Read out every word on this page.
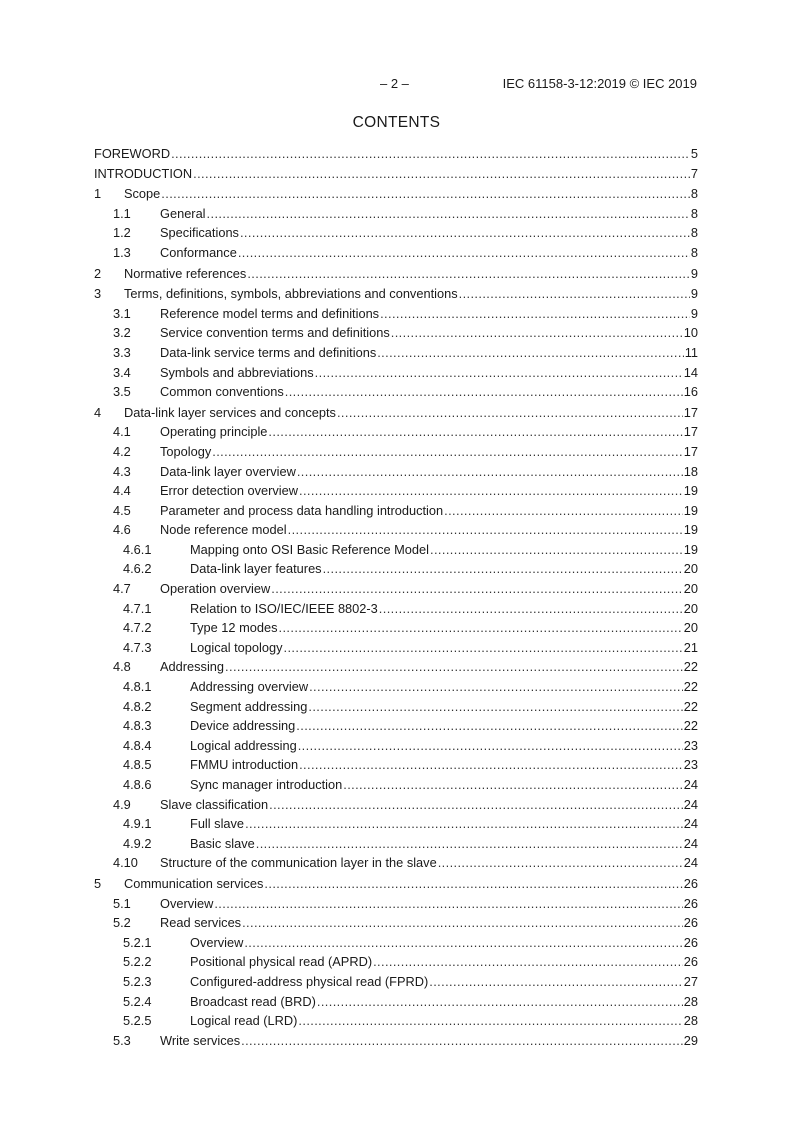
– 2 –	IEC 61158-3-12:2019 © IEC 2019
CONTENTS
FOREWORD .....	5
INTRODUCTION .....	7
1 Scope .....	8
1.1 General .....	8
1.2 Specifications .....	8
1.3 Conformance .....	8
2 Normative references .....	9
3 Terms, definitions, symbols, abbreviations and conventions .....	9
3.1 Reference model terms and definitions .....	9
3.2 Service convention terms and definitions .....	10
3.3 Data-link service terms and definitions .....	11
3.4 Symbols and abbreviations .....	14
3.5 Common conventions .....	16
4 Data-link layer services and concepts .....	17
4.1 Operating principle .....	17
4.2 Topology .....	17
4.3 Data-link layer overview .....	18
4.4 Error detection overview .....	19
4.5 Parameter and process data handling introduction .....	19
4.6 Node reference model .....	19
4.6.1	Mapping onto OSI Basic Reference Model .....	19
4.6.2	Data-link layer features .....	20
4.7 Operation overview .....	20
4.7.1	Relation to ISO/IEC/IEEE 8802-3 .....	20
4.7.2	Type 12 modes .....	20
4.7.3	Logical topology .....	21
4.8 Addressing .....	22
4.8.1	Addressing overview .....	22
4.8.2	Segment addressing .....	22
4.8.3	Device addressing .....	22
4.8.4	Logical addressing .....	23
4.8.5	FMMU introduction .....	23
4.8.6	Sync manager introduction .....	24
4.9 Slave classification .....	24
4.9.1	Full slave .....	24
4.9.2	Basic slave .....	24
4.10 Structure of the communication layer in the slave .....	24
5 Communication services .....	26
5.1 Overview .....	26
5.2 Read services .....	26
5.2.1	Overview .....	26
5.2.2	Positional physical read (APRD) .....	26
5.2.3	Configured-address physical read (FPRD) .....	27
5.2.4	Broadcast read (BRD) .....	28
5.2.5	Logical read (LRD) .....	28
5.3 Write services .....	29
